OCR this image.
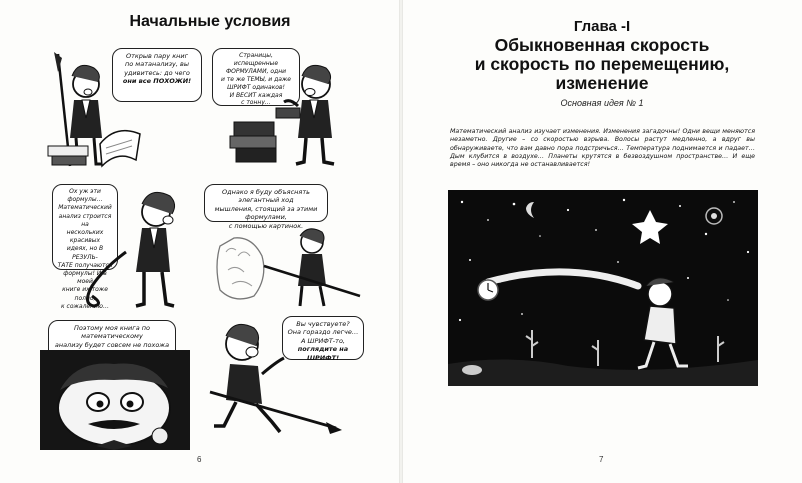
Начальные условия
Открыв пару книг
по матанализу, вы
удивитесь: до чего
они все ПОХОЖИ!
Страницы, испещренные
ФОРМУЛАМИ, одни
и те же ТЕМЫ, и даже
ШРИФТ одинаков!
И ВЕСИТ каждая
с тонну…
Ох уж эти формулы…
Математический
анализ строится на
нескольких красивых
идеях, но В РЕЗУЛЬ-
ТАТЕ получаются
формулы! И в моей
книге их тоже полно,
к сожалению…
Однако я буду объяснять элегантный ход
мышления, стоящий за этими формулами,
с помощью картинок.
Поэтому моя книга по математическому
анализу будет совсем не похожа
Вы чувствуете?
Она гораздо легче…
А ШРИФТ-то,
поглядите на ШРИФТ!
6
Глава -I
Обыкновенная скорость
и скорость по перемещению,
изменение
Основная идея № 1
Математический анализ изучает изменения. Изменения загадочны! Одни вещи меняются незаметно. Другие – со скоростью взрыва. Волосы растут медленно, а вдруг вы обнаруживаете, что вам давно пора подстричься… Температура поднимается и падает… Дым клубится в воздухе… Планеты крутятся в безвоздушном пространстве… И еще время – оно никогда не останавливается!
7
